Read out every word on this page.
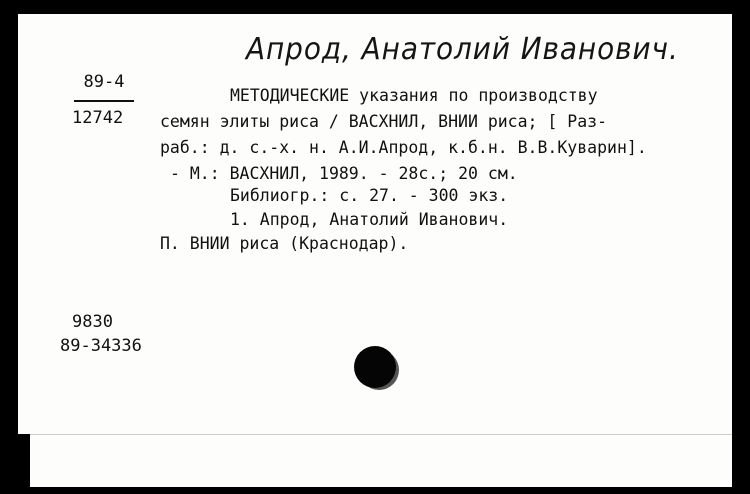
Апрод, Анатолий Иванович.
89-4
12742
МЕТОДИЧЕСКИЕ указания по производству
семян элиты риса / ВАСХНИЛ, ВНИИ риса; [ Раз-
раб.: д. с.-х. н. А.И.Апрод, к.б.н. В.В.Куварин].
- М.: ВАСХНИЛ, 1989. - 28с.; 20 см.
Библиогр.: с. 27. - 300 экз.
1. Апрод, Анатолий Иванович.
П. ВНИИ риса (Краснодар).
9830
89-34336
